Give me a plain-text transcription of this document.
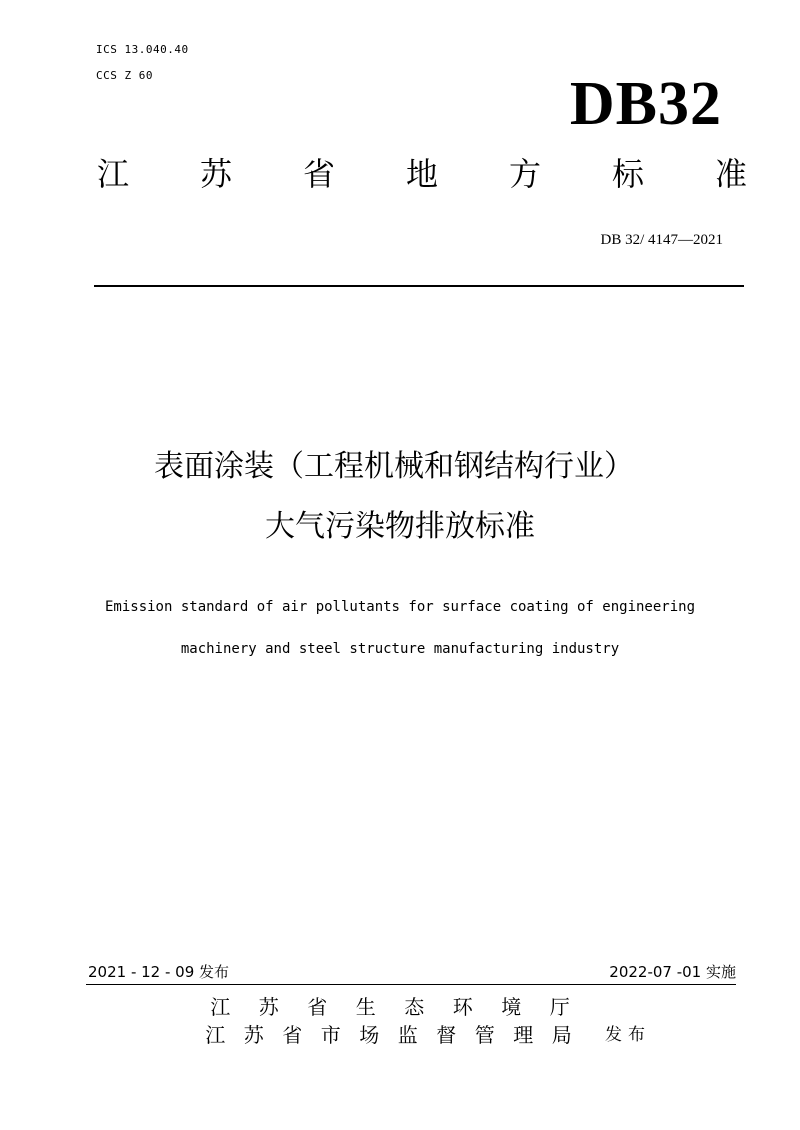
ICS 13.040.40
CCS Z 60	DB32
江 苏 省 地 方 标 准
DB 32/ 4147—2021
表面涂装（工程机械和钢结构行业）
大气污染物排放标准
Emission standard of air pollutants for surface coating of engineering
machinery and steel structure manufacturing industry
2021 - 12 - 09 发布	2022-07 -01 实施
江	苏	省	生	态	环	境	厅
江 苏 省 市 场 监 督 管 理 局	发布
